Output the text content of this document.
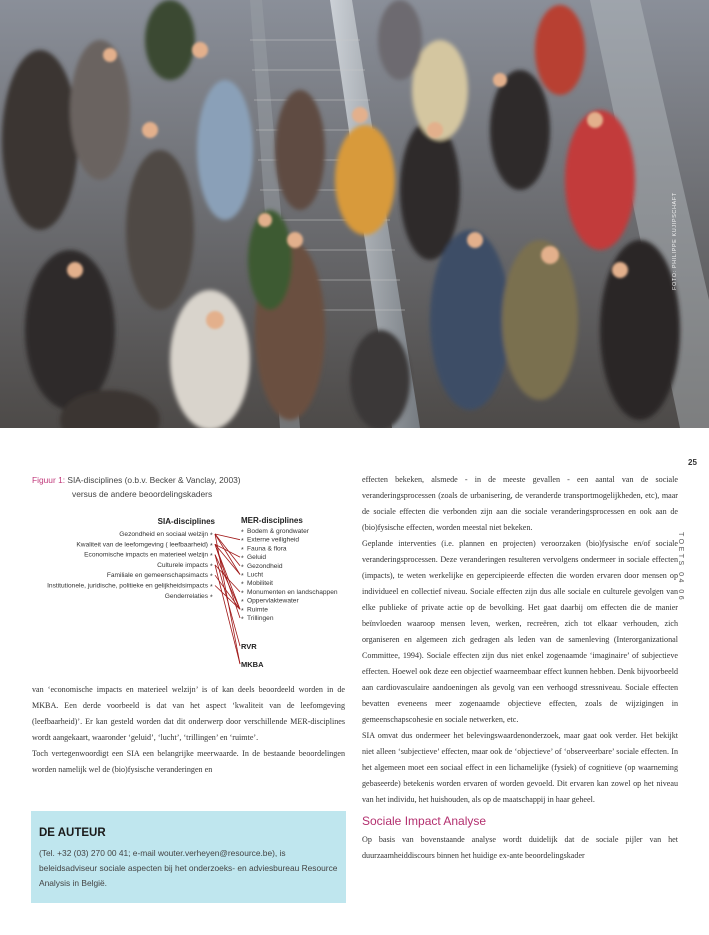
FOTO: PHILIPPE KUJIPSCHAFT
25
TOETS 04 06
Figuur 1: SIA-disciplines (o.b.v. Becker & Vanclay, 2003)
versus de andere beoordelingskaders
SIA-disciplines	MER-disciplines
Gezondheid en sociaal welzijn *
Kwaliteit van de leefomgeving ( leefbaarheid) *
Economische impacts en materieel welzijn *
Culturele impacts *
Familiale en gemeenschapsimacts *
Institutionele, juridische, politieke en gelijkheidsimpacts *
Genderrelaties *
* Bodem & grondwater
* Externe veiligheid
* Fauna & flora
* Geluid
* Gezondheid
* Lucht
* Mobiliteit
* Monumenten en landschappen
* Oppervlaktewater
* Ruimte
* Trillingen
RVR
MKBA

van ‘economische impacts en materieel welzijn’ is of kan deels beoordeeld worden in de MKBA. Een derde voorbeeld is dat van het aspect ‘kwaliteit van de leefomgeving (leefbaarheid)’. Er kan gesteld worden dat dit onderwerp door verschillende MER-disciplines wordt aangekaart, waaronder ‘geluid’, ‘lucht’, ‘trillingen’ en ‘ruimte’.

Toch vertegenwoordigt een SIA een belangrijke meerwaarde. In de bestaande beoordelingen worden namelijk wel de (bio)fysische veranderingen en

DE AUTEUR
(Tel. +32 (03) 270 00 41; e-mail wouter.verheyen@resource.be), is beleidsadviseur sociale aspecten bij het onderzoeks- en adviesbureau Resource Analysis in België.

effecten bekeken, alsmede - in de meeste gevallen - een aantal van de sociale veranderingsprocessen (zoals de urbanisering, de veranderde transportmogelijkheden, etc), maar de sociale effecten die verbonden zijn aan die sociale veranderingsprocessen en ook aan de (bio)fysische effecten, worden meestal niet bekeken.

Geplande interventies (i.e. plannen en projecten) veroorzaken (bio)fysische en/of sociale veranderingsprocessen. Deze veranderingen resulteren vervolgens ondermeer in sociale effecten (impacts), te weten werkelijke en gepercipieerde effecten die worden ervaren door mensen op individueel en collectief niveau. Sociale effecten zijn dus alle sociale en culturele gevolgen van elke publieke of private actie op de bevolking. Het gaat daarbij om effecten die de manier beïnvloeden waaroop mensen leven, werken, recreëren, zich tot elkaar verhouden, zich organiseren en algemeen zich gedragen als leden van de samenleving (Interorganizational Committee, 1994). Sociale effecten zijn dus niet enkel zogenaamde ‘imaginaire’ of subjectieve effecten. Hoewel ook deze een objectief waarneembaar effect kunnen hebben. Denk bijvoorbeeld aan cardiovasculaire aandoeningen als gevolg van een verhoogd stressniveau. Sociale effecten bevatten eveneens meer zogenaamde objectieve effecten, zoals de wijzigingen in gemeenschapscohesie en sociale netwerken, etc.

SIA omvat dus ondermeer het belevingswaardenonderzoek, maar gaat ook verder. Het bekijkt niet alleen ‘subjectieve’ effecten, maar ook de ‘objectieve’ of ‘observeerbare’ sociale effecten. In het algemeen moet een sociaal effect in een lichamelijke (fysiek) of cognitieve (op waarneming gebaseerde) betekenis worden ervaren of worden gevoeld. Dit ervaren kan zowel op het niveau van het individu, het huishouden, als op de maatschappij in haar geheel.

Sociale Impact Analyse

Op basis van bovenstaande analyse wordt duidelijk dat de sociale pijler van het duurzaamheiddiscours binnen het huidige ex-ante beoordelingskader
